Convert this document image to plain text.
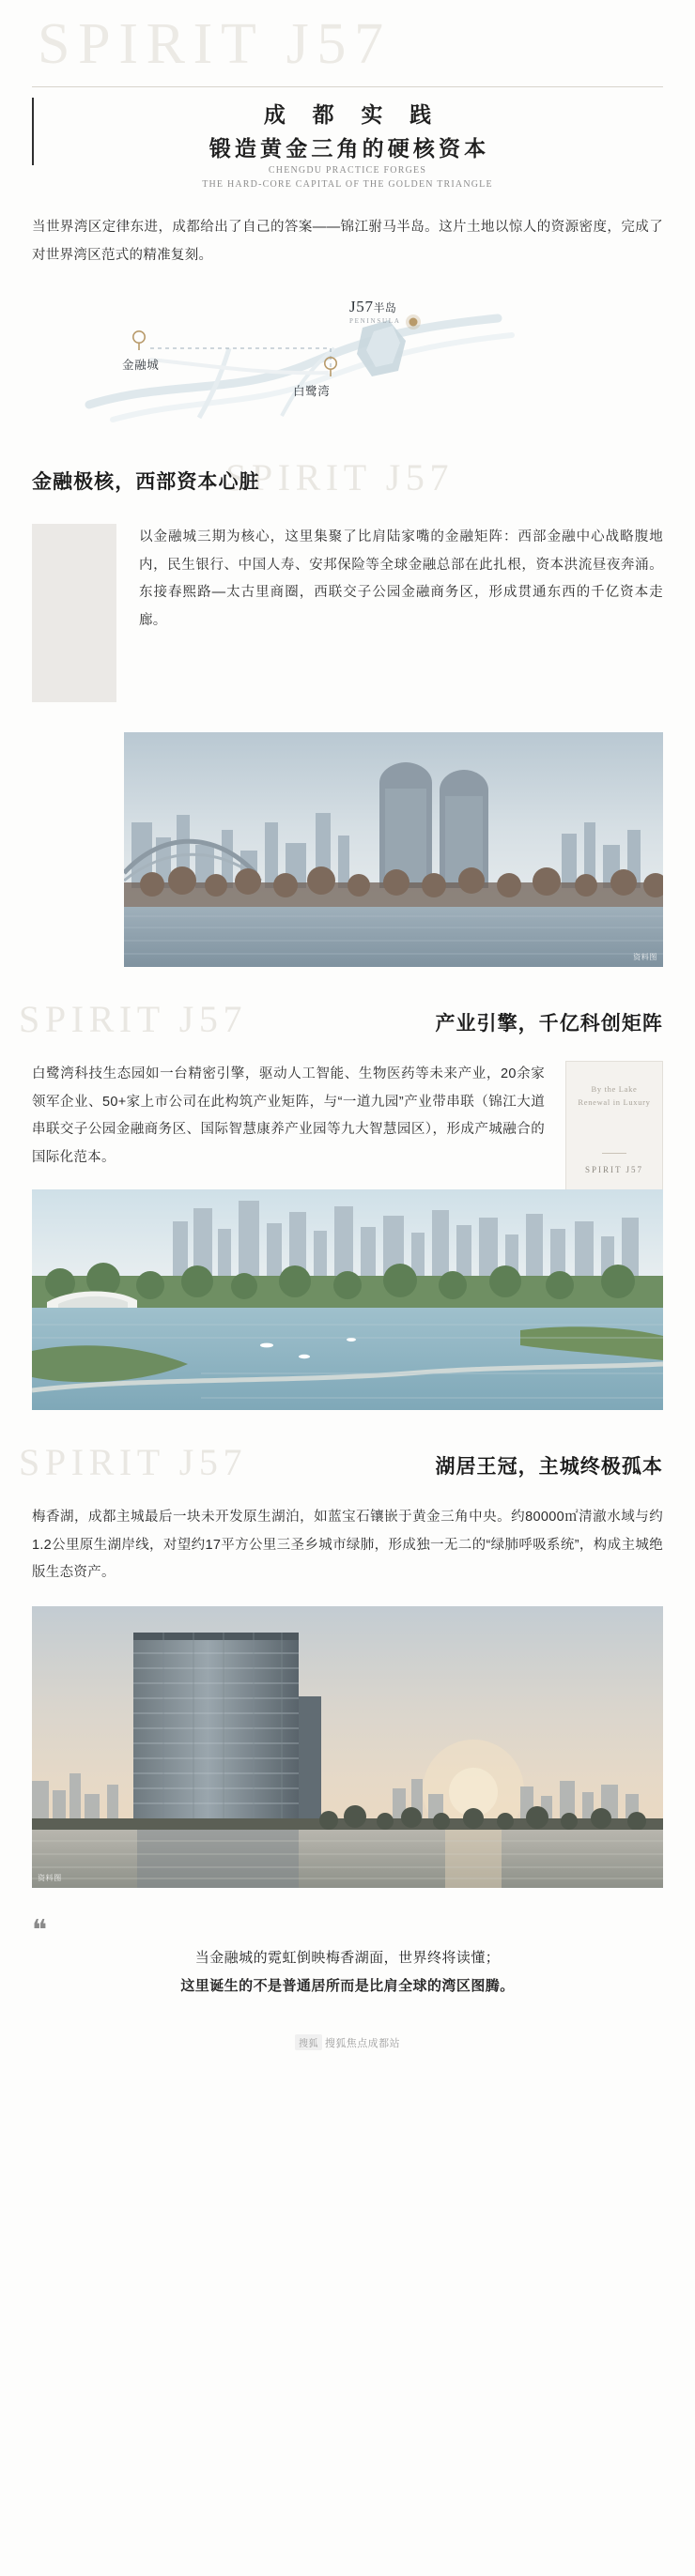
SPIRIT J57
成 都 实 践
锻造黄金三角的硬核资本
CHENGDU PRACTICE FORGES
THE HARD-CORE CAPITAL OF THE GOLDEN TRIANGLE

当世界湾区定律东进，成都给出了自己的答案——锦江驸马半岛。这片土地以惊人的资源密度，完成了对世界湾区范式的精准复刻。

金融城
白鹭湾
J57半岛
PENINSULA
SPIRIT J57
金融极核，西部资本心脏

以金融城三期为核心，这里集聚了比肩陆家嘴的金融矩阵：西部金融中心战略腹地内，民生银行、中国人寿、安邦保险等全球金融总部在此扎根，资本洪流昼夜奔涌。东接春熙路—太古里商圈，西联交子公园金融商务区，形成贯通东西的千亿资本走廊。

资料图
SPIRIT J57	产业引擎，千亿科创矩阵
By the Lake
Renewal in Luxury
SPIRIT J57

白鹭湾科技生态园如一台精密引擎，驱动人工智能、生物医药等未来产业，20余家领军企业、50+家上市公司在此构筑产业矩阵，与“一道九园”产业带串联（锦江大道串联交子公园金融商务区、国际智慧康养产业园等九大智慧园区），形成产城融合的国际化范本。

SPIRIT J57	湖居王冠，主城终极孤本

梅香湖，成都主城最后一块未开发原生湖泊，如蓝宝石镶嵌于黄金三角中央。约80000㎡清澈水域与约1.2公里原生湖岸线，对望约17平方公里三圣乡城市绿肺，形成独一无二的“绿肺呼吸系统”，构成主城绝版生态资产。

资料图
❝
当金融城的霓虹倒映梅香湖面，世界终将读懂；
这里诞生的不是普通居所而是比肩全球的湾区图腾。
搜狐 搜狐焦点成都站
